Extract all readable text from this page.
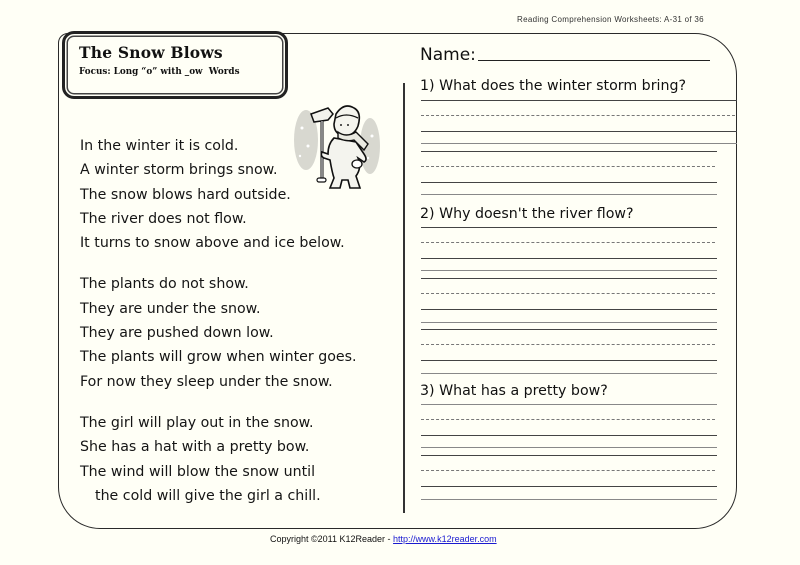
Reading Comprehension Worksheets: A-31 of 36
The Snow Blows
Focus: Long “o” with _ow  Words
In the winter it is cold.
A winter storm brings snow.
The snow blows hard outside.
The river does not flow.
It turns to snow above and ice below.
The plants do not show.
They are under the snow.
They are pushed down low.
The plants will grow when winter goes.
For now they sleep under the snow.
The girl will play out in the snow.
She has a hat with a pretty bow.
The wind will blow the snow until
the cold will give the girl a chill.
Name:
1) What does the winter storm bring?
2) Why doesn't the river flow?
3) What has a pretty bow?
Copyright ©2011 K12Reader - http://www.k12reader.com
